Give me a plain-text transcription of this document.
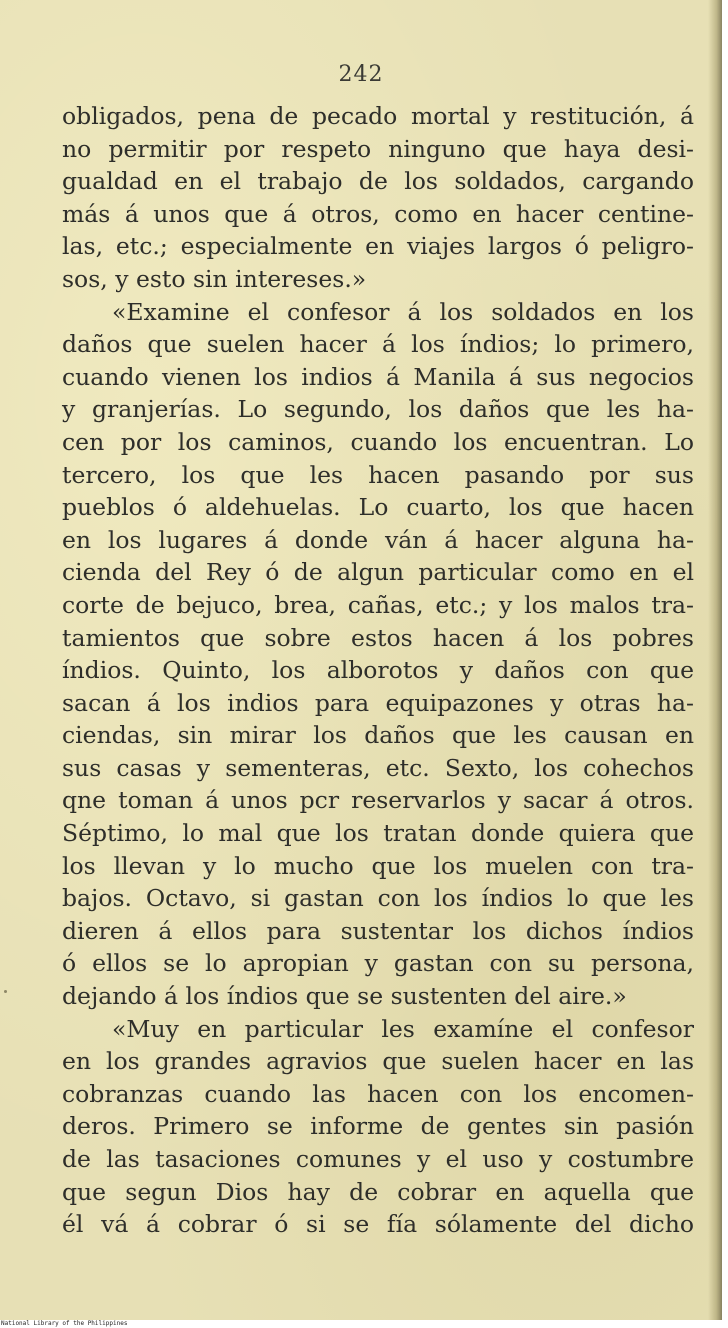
242
obligados, pena de pecado mortal y restitución, á
no permitir por respeto ninguno que haya desi-
gualdad en el trabajo de los soldados, cargando
más á unos que á otros, como en hacer centine-
las, etc.; especialmente en viajes largos ó peligro-
sos, y esto sin intereses.»
«Examine el confesor á los soldados en los
daños que suelen hacer á los índios; lo primero,
cuando vienen los indios á Manila á sus negocios
y granjerías. Lo segundo, los daños que les ha-
cen por los caminos, cuando los encuentran. Lo
tercero, los que les hacen pasando por sus
pueblos ó aldehuelas. Lo cuarto, los que hacen
en los lugares á donde ván á hacer alguna ha-
cienda del Rey ó de algun particular como en el
corte de bejuco, brea, cañas, etc.; y los malos tra-
tamientos que sobre estos hacen á los pobres
índios. Quinto, los alborotos y daños con que
sacan á los indios para equipazones y otras ha-
ciendas, sin mirar los daños que les causan en
sus casas y sementeras, etc. Sexto, los cohechos
qne toman á unos pcr reservarlos y sacar á otros.
Séptimo, lo mal que los tratan donde quiera que
los llevan y lo mucho que los muelen con tra-
bajos. Octavo, si gastan con los índios lo que les
dieren á ellos para sustentar los dichos índios
ó ellos se lo apropian y gastan con su persona,
dejando á los índios que se sustenten del aire.»
«Muy en particular les examíne el confesor
en los grandes agravios que suelen hacer en las
cobranzas cuando las hacen con los encomen-
deros. Primero se informe de gentes sin pasión
de las tasaciones comunes y el uso y costumbre
que segun Dios hay de cobrar en aquella que
él vá á cobrar ó si se fía sólamente del dicho
National Library of the Philippines
